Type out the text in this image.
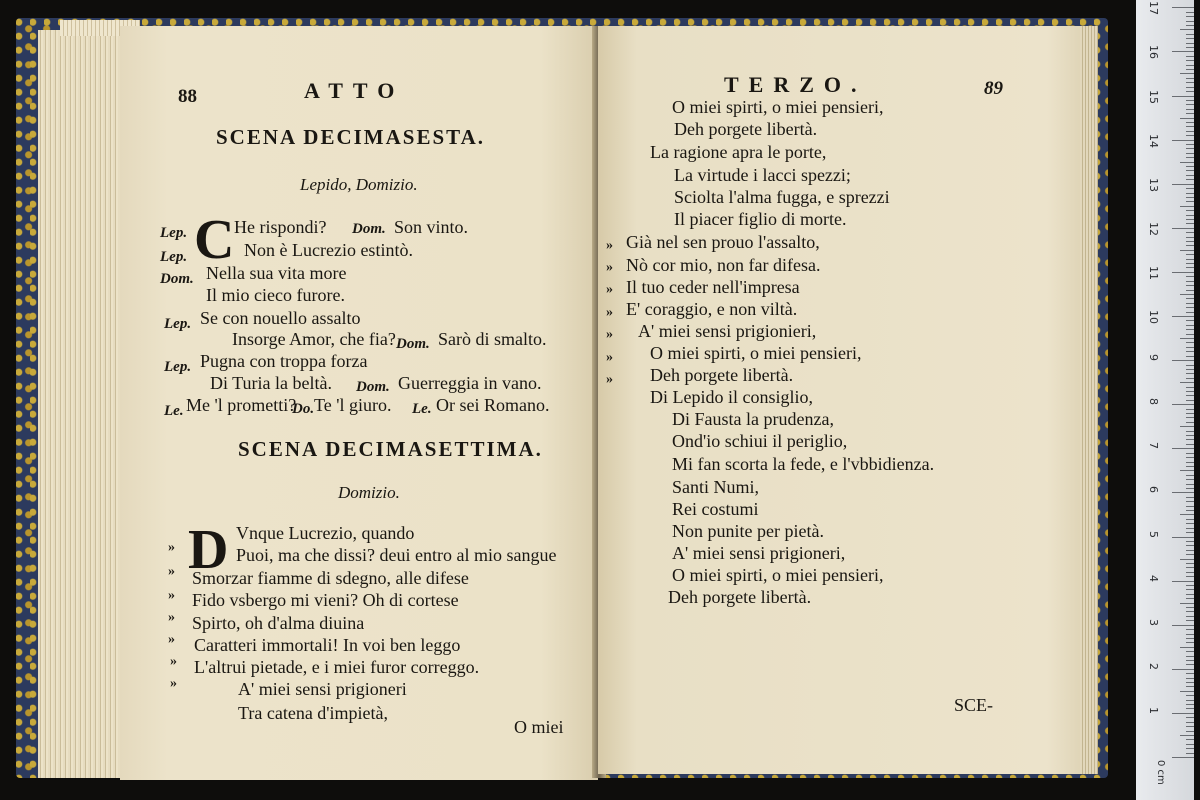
88	ATTO
SCENA DECIMASESTA.
Lepido, Domizio.
C
Lep.	He rispondi? Dom. Son vinto.
Lep.	Non è Lucrezio estintò.
Dom. Nella sua vita more
Il mio cieco furore.
Lep. Se con nouello assalto
Insorge Amor, che fia? Dom. Sarò di smalto.
Lep. Pugna con troppa forza
Di Turia la beltà. Dom. Guerreggia in vano.
Le. Me 'l prometti?
Do. Te 'l giuro. Le. Or sei Romano.
SCENA DECIMASETTIMA.
Domizio.
D
»
Vnque Lucrezio, quando
»
Puoi, ma che dissi? deui entro al mio sangue
»
Smorzar fiamme di sdegno, alle difese
»
Fido vsbergo mi vieni? Oh di cortese
»
Spirto, oh d'alma diuina
»
Caratteri immortali! In voi ben leggo
»
L'altrui pietade, e i miei furor correggo.
A' miei sensi prigioneri
Tra catena d'impietà,
O miei
TERZO.	89
O miei spirti, o miei pensieri,
Deh porgete libertà.
La ragione apra le porte,
La virtude i lacci spezzi;
Sciolta l'alma fugga, e sprezzi
Il piacer figlio di morte.
» Già nel sen prouo l'assalto,
» Nò cor mio, non far difesa.
» Il tuo ceder nell'impresa
» E' coraggio, e non viltà.
» A' miei sensi prigionieri,
» O miei spirti, o miei pensieri,
» Deh porgete libertà.
Di Lepido il consiglio,
Di Fausta la prudenza,
Ond'io schiui il periglio,
Mi fan scorta la fede, e l'vbbidienza.
Santi Numi,
Rei costumi
Non punite per pietà.
A' miei sensi prigioneri,
O miei spirti, o miei pensieri,
Deh porgete libertà.
SCE-
0 cm
1
2
3
4
5
6
7
8
9
10
11
12
13
14
15
16
17
